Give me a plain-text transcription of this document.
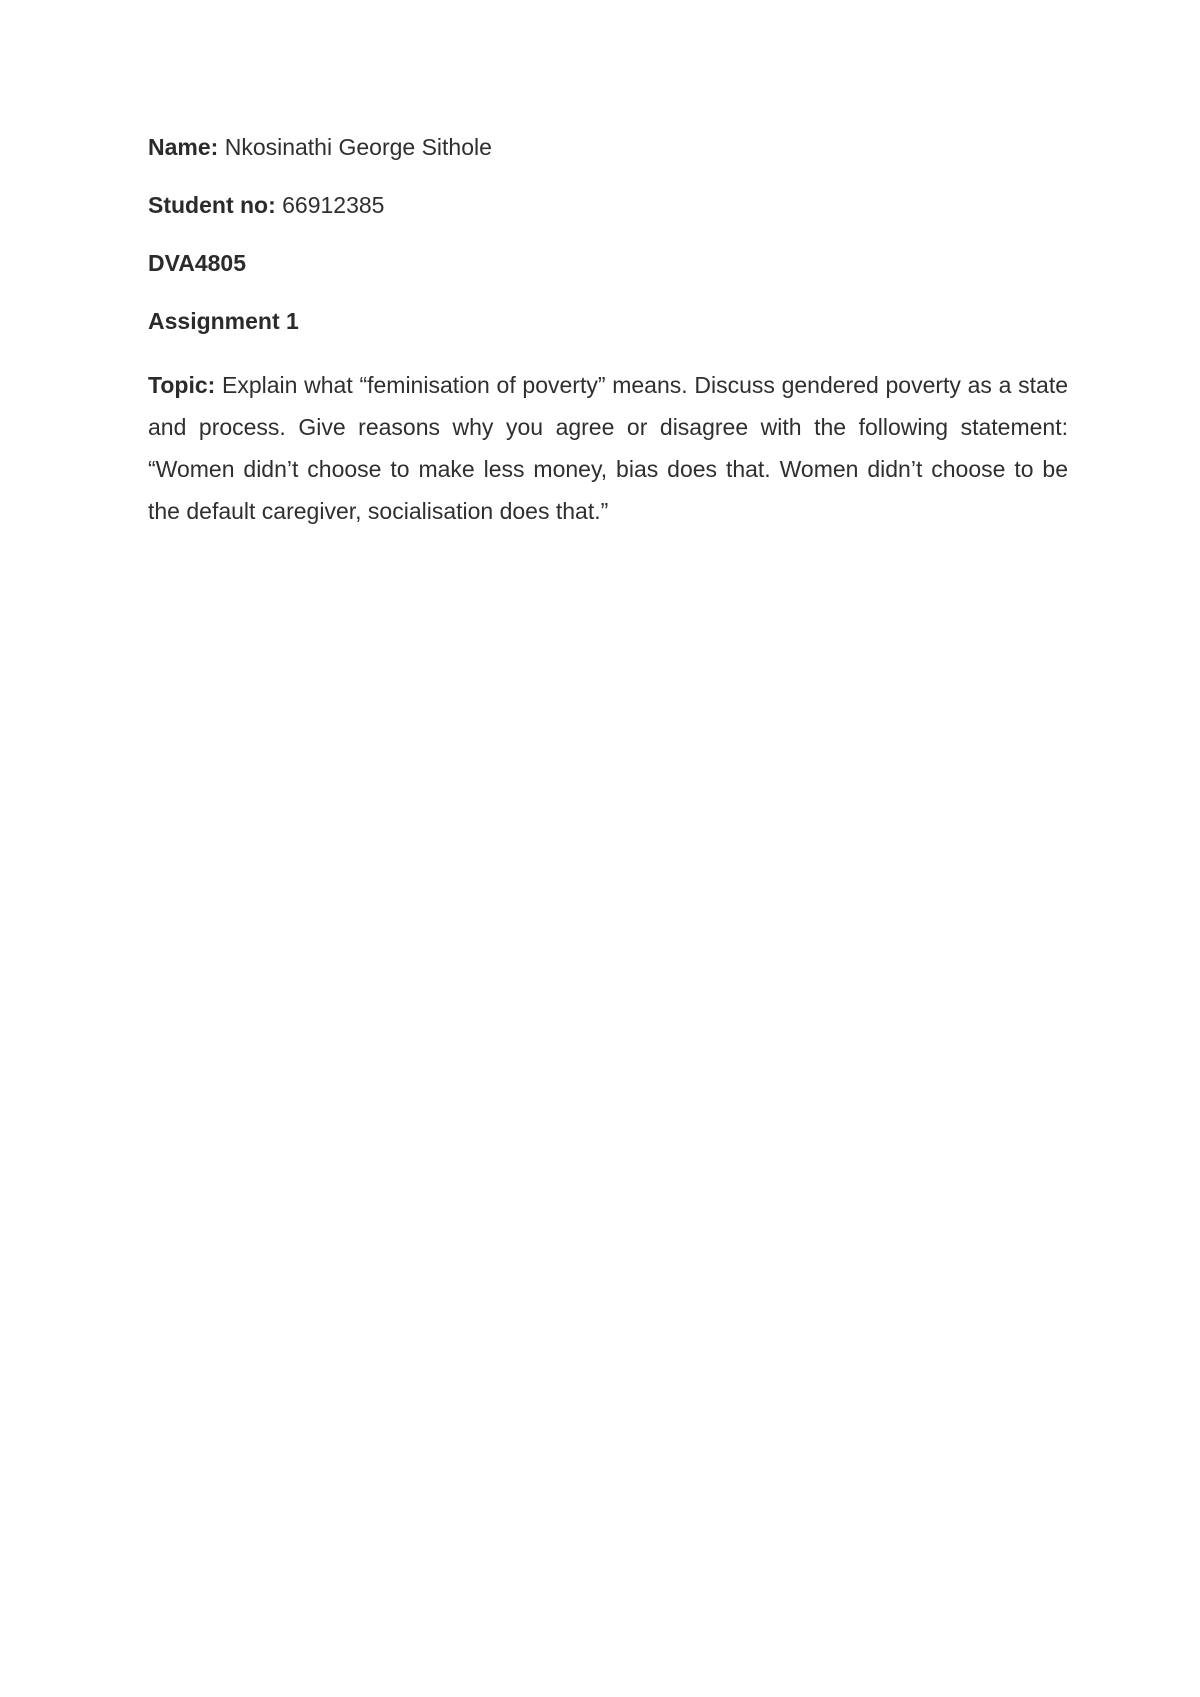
Name: Nkosinathi George Sithole

Student no: 66912385

DVA4805

Assignment 1

Topic: Explain what “feminisation of poverty” means. Discuss gendered poverty as a state and process. Give reasons why you agree or disagree with the following statement: “Women didn’t choose to make less money, bias does that. Women didn’t choose to be the default caregiver, socialisation does that.”
